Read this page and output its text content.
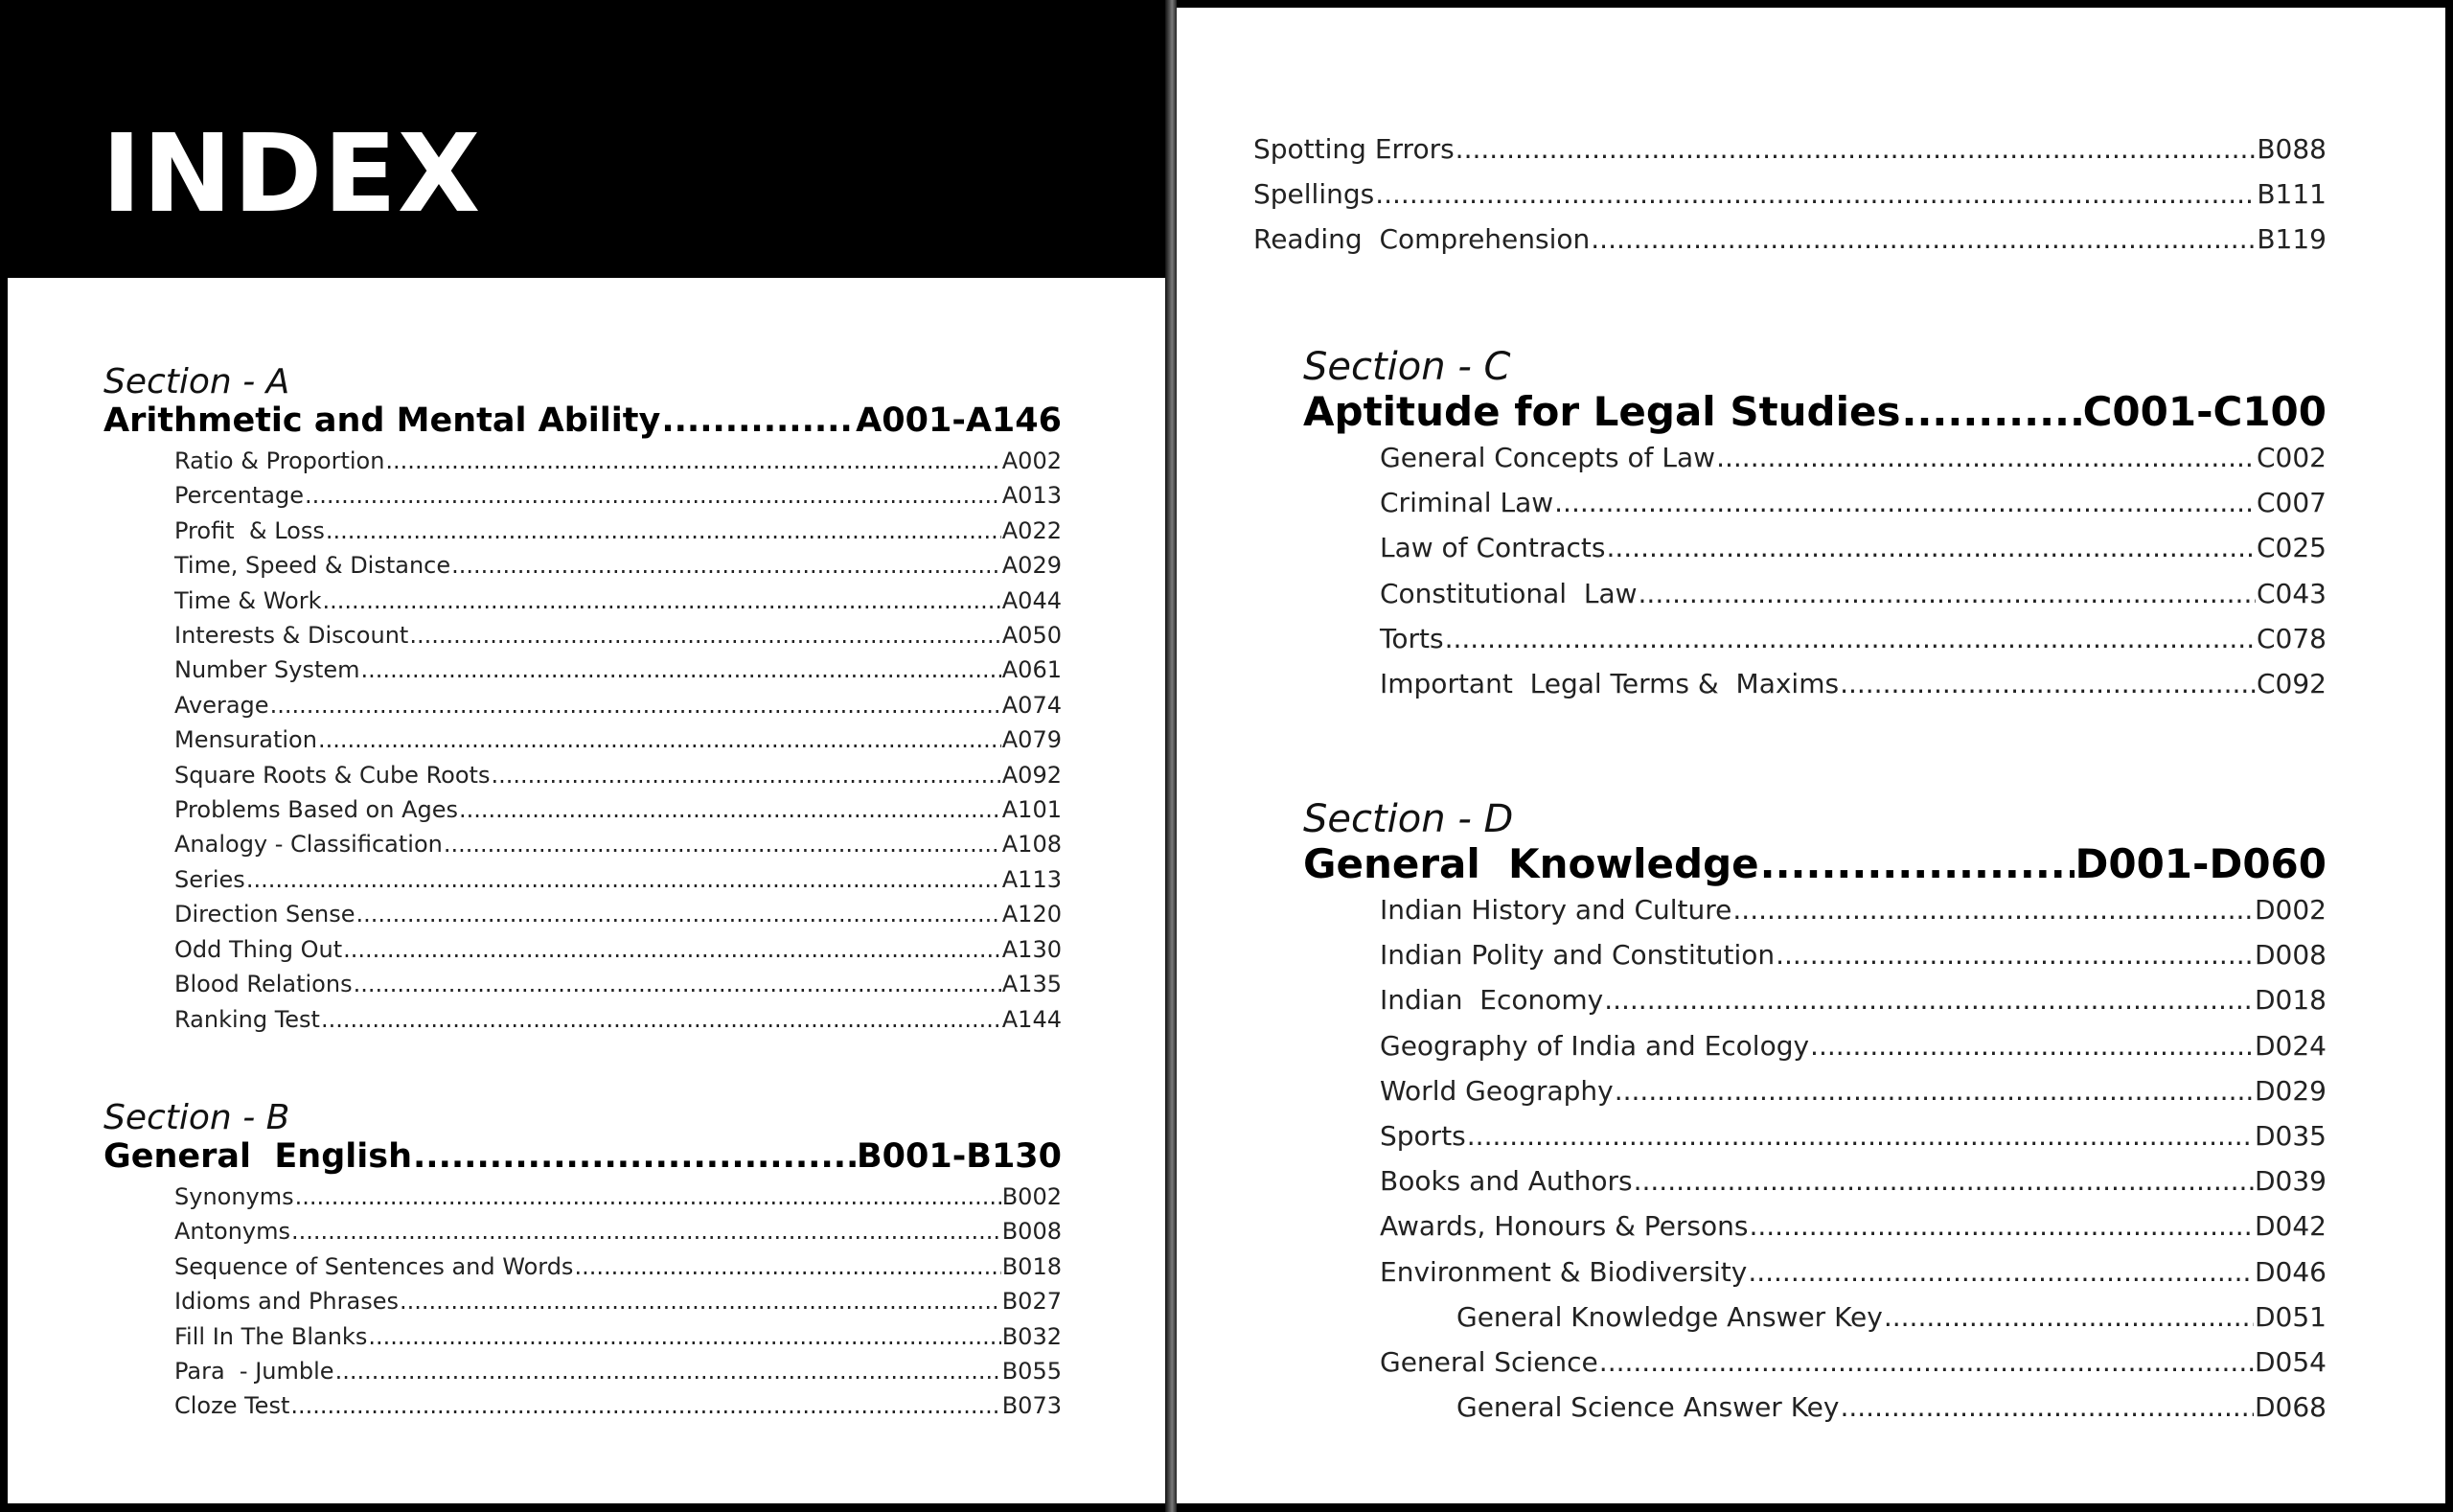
INDEX

Section - A

Arithmetic and Mental Ability .....	A001-A146
Ratio & Proportion .....	A002
Percentage .....	A013
Profit  & Loss .....	A022
Time, Speed & Distance .....	A029
Time & Work .....	A044
Interests & Discount .....	A050
Number System .....	A061
Average .....	A074
Mensuration .....	A079
Square Roots & Cube Roots .....	A092
Problems Based on Ages .....	A101
Analogy - Classification .....	A108
Series .....	A113
Direction Sense .....	A120
Odd Thing Out .....	A130
Blood Relations .....	A135
Ranking Test .....	A144

Section - B

General  English .....	B001-B130
Synonyms .....	B002
Antonyms .....	B008
Sequence of Sentences and Words .....	B018
Idioms and Phrases .....	B027
Fill In The Blanks .....	B032
Para  - Jumble .....	B055
Cloze Test .....	B073
Spotting Errors .....	B088
Spellings .....	B111
Reading  Comprehension .....	B119

Section - C

Aptitude for Legal Studies .....	C001-C100
General Concepts of Law .....	C002
Criminal Law .....	C007
Law of Contracts .....	C025
Constitutional  Law .....	C043
Torts .....	C078
Important  Legal Terms &  Maxims .....	C092

Section - D

General  Knowledge .....	D001-D060
Indian History and Culture .....	D002
Indian Polity and Constitution .....	D008
Indian  Economy .....	D018
Geography of India and Ecology .....	D024
World Geography .....	D029
Sports .....	D035
Books and Authors .....	D039
Awards, Honours & Persons .....	D042
Environment & Biodiversity .....	D046
General Knowledge Answer Key .....	D051
General Science .....	D054
General Science Answer Key .....	D068
